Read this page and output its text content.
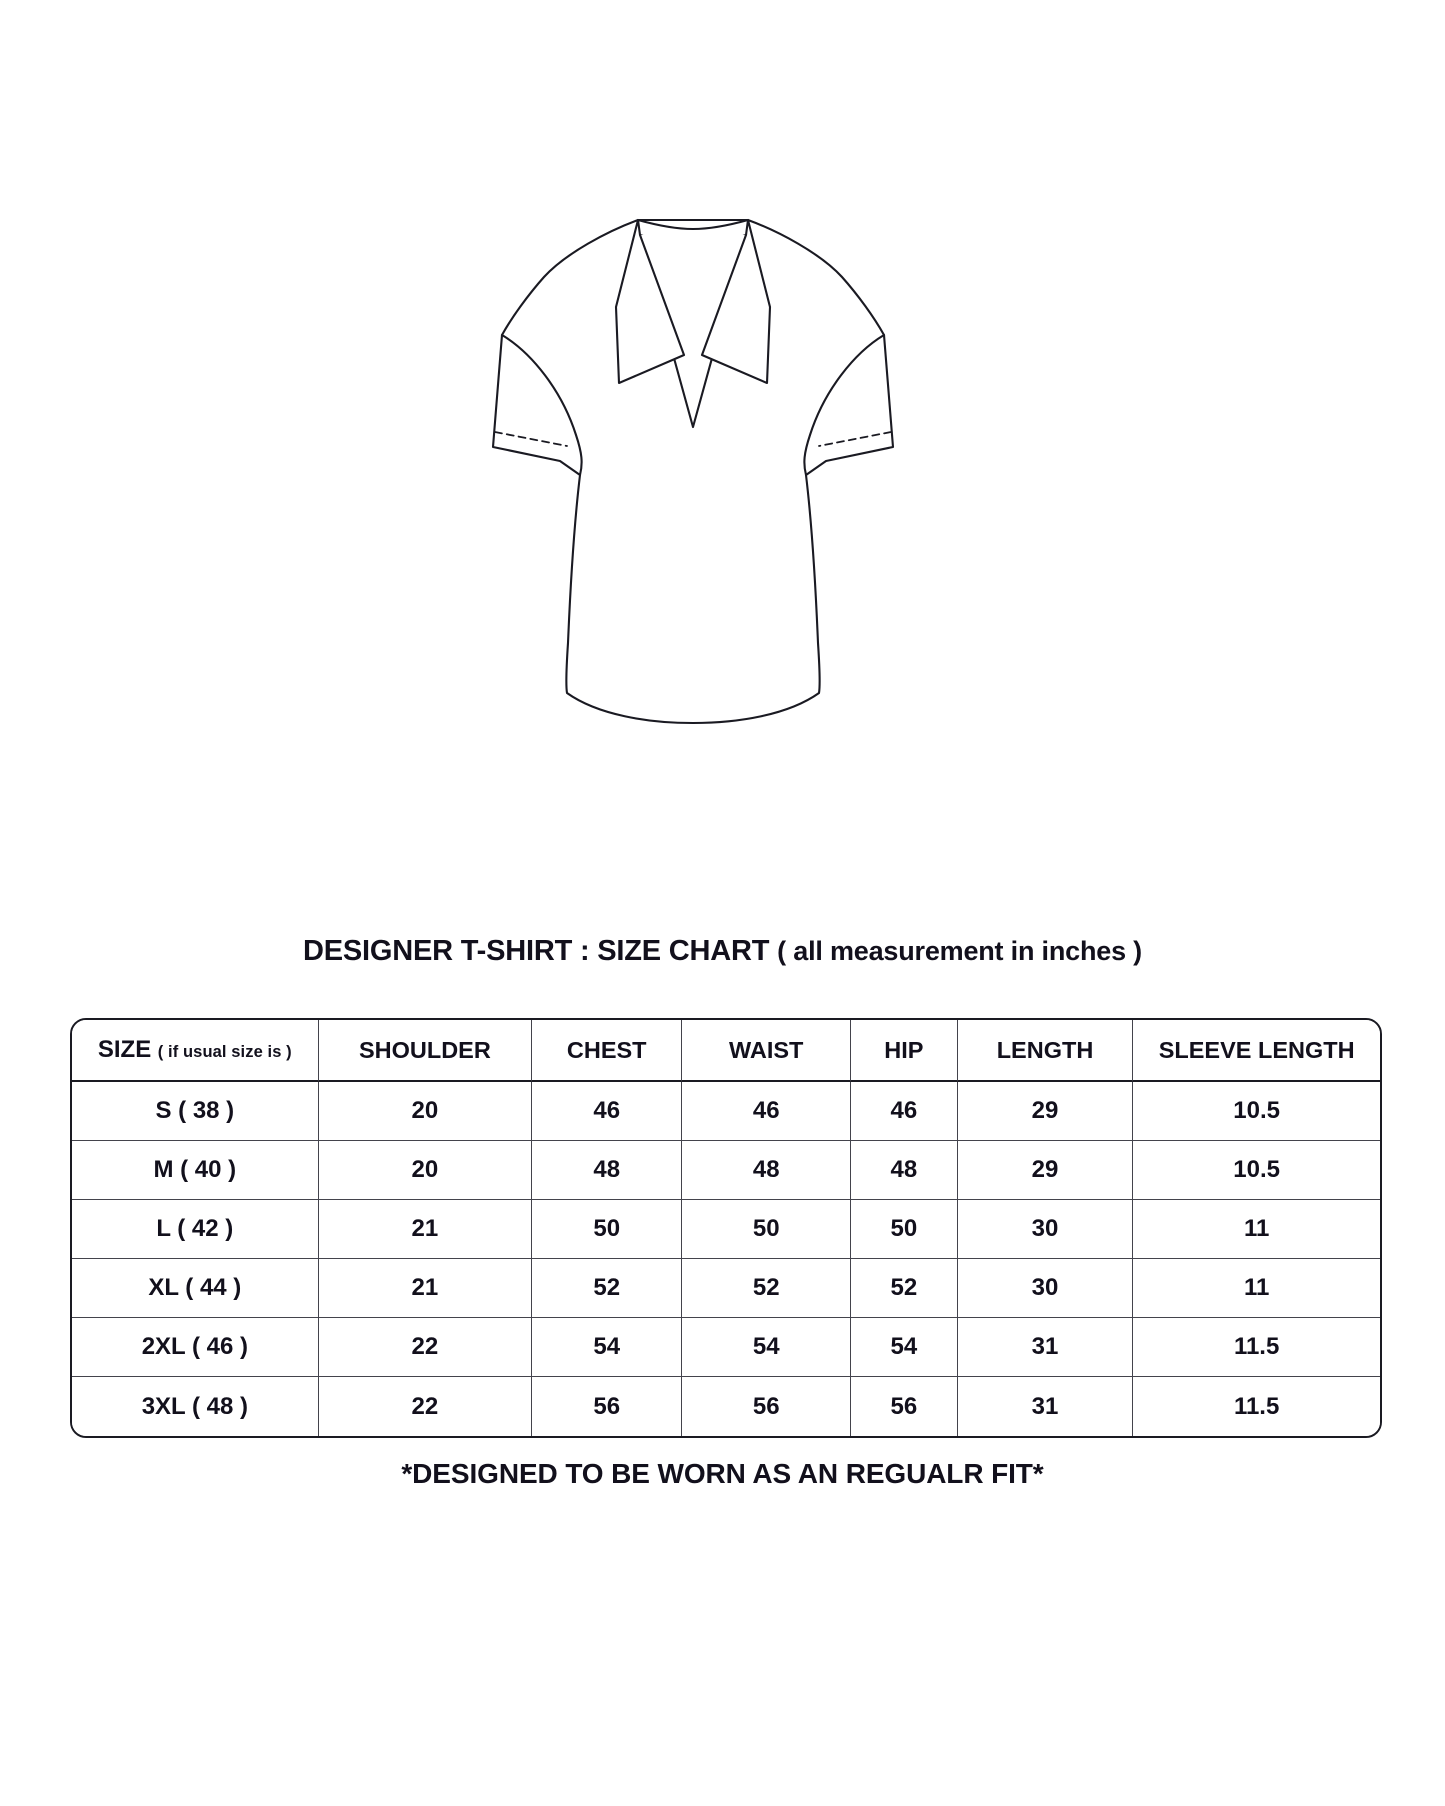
DESIGNER T-SHIRT : SIZE CHART ( all measurement in inches )
SIZE ( if usual size is )	SHOULDER	CHEST	WAIST	HIP	LENGTH	SLEEVE LENGTH
S ( 38 )	20	46	46	46	29	10.5
M ( 40 )	20	48	48	48	29	10.5
L ( 42 )	21	50	50	50	30	11
XL ( 44 )	21	52	52	52	30	11
2XL ( 46 )	22	54	54	54	31	11.5
3XL ( 48 )	22	56	56	56	31	11.5
*DESIGNED TO BE WORN AS AN REGUALR FIT*
